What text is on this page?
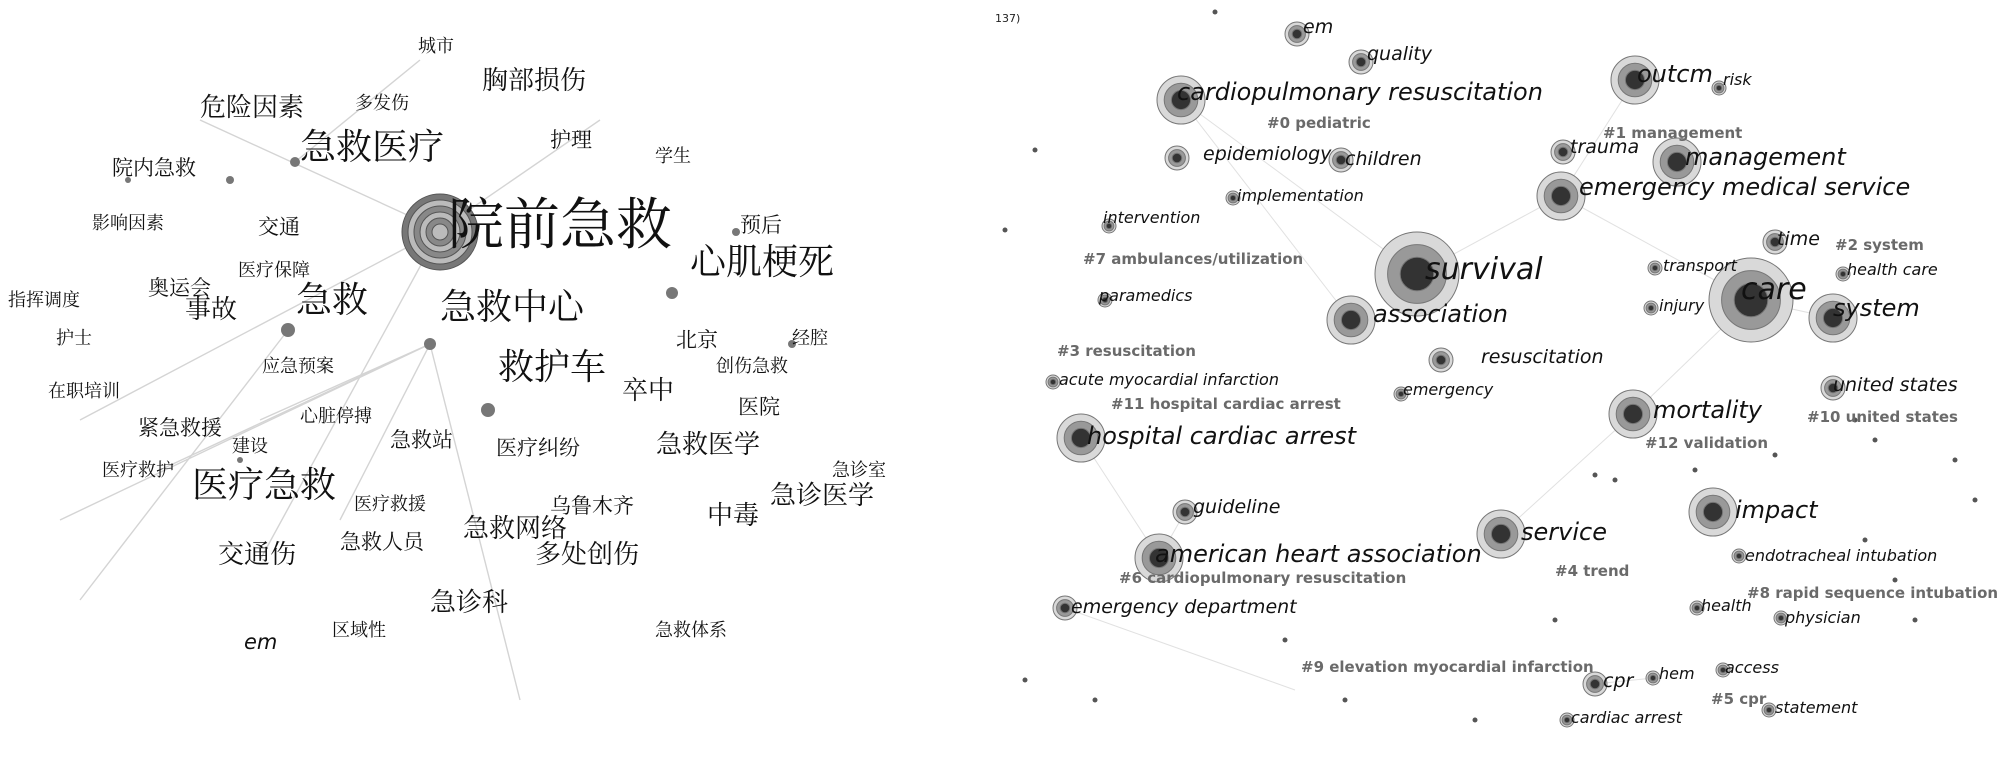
院前急救
急救医疗
心肌梗死
急救 急救中心
救护车
医疗急救
胸部损伤
危险因素
中毒
急诊医学
急救医学
多处创伤
卒中
事故
急救网络
交通伤
急诊科
急救人员
城市
多发伤
护理
学生
院内急救
影响因素	交通	预后
医疗保障
奥运会
指挥调度
护士	北京	经腔
应急预案	创伤急救
在职培训
紧急救援
医院
心脏停搏
急救站
建设	医疗纠纷
医疗救护	急诊室
医疗救援	乌鲁木齐
区域性	急救体系
em
137)	em
quality
cardiopulmonary resuscitation
outcm risk
epidemiology children
trauma management
emergency medical service
implementation
intervention
time
transport	health care
survival
care
system
injury
paramedics
association
resuscitation
acute myocardial infarction
emergency	united states
mortality
hospital cardiac arrest
impact
guideline
service
american heart association	endotracheal intubation
emergency department	health
physician
cpr hem access
cardiac arrest
statement
#0 pediatric
#1 management
#2 system
#3 resuscitation
#4 trend
#5 cpr
#6 cardiopulmonary resuscitation
#7 ambulances/utilization
#8 rapid sequence intubation
#9 elevation myocardial infarction
#10 united states
#11 hospital cardiac arrest
#12 validation
